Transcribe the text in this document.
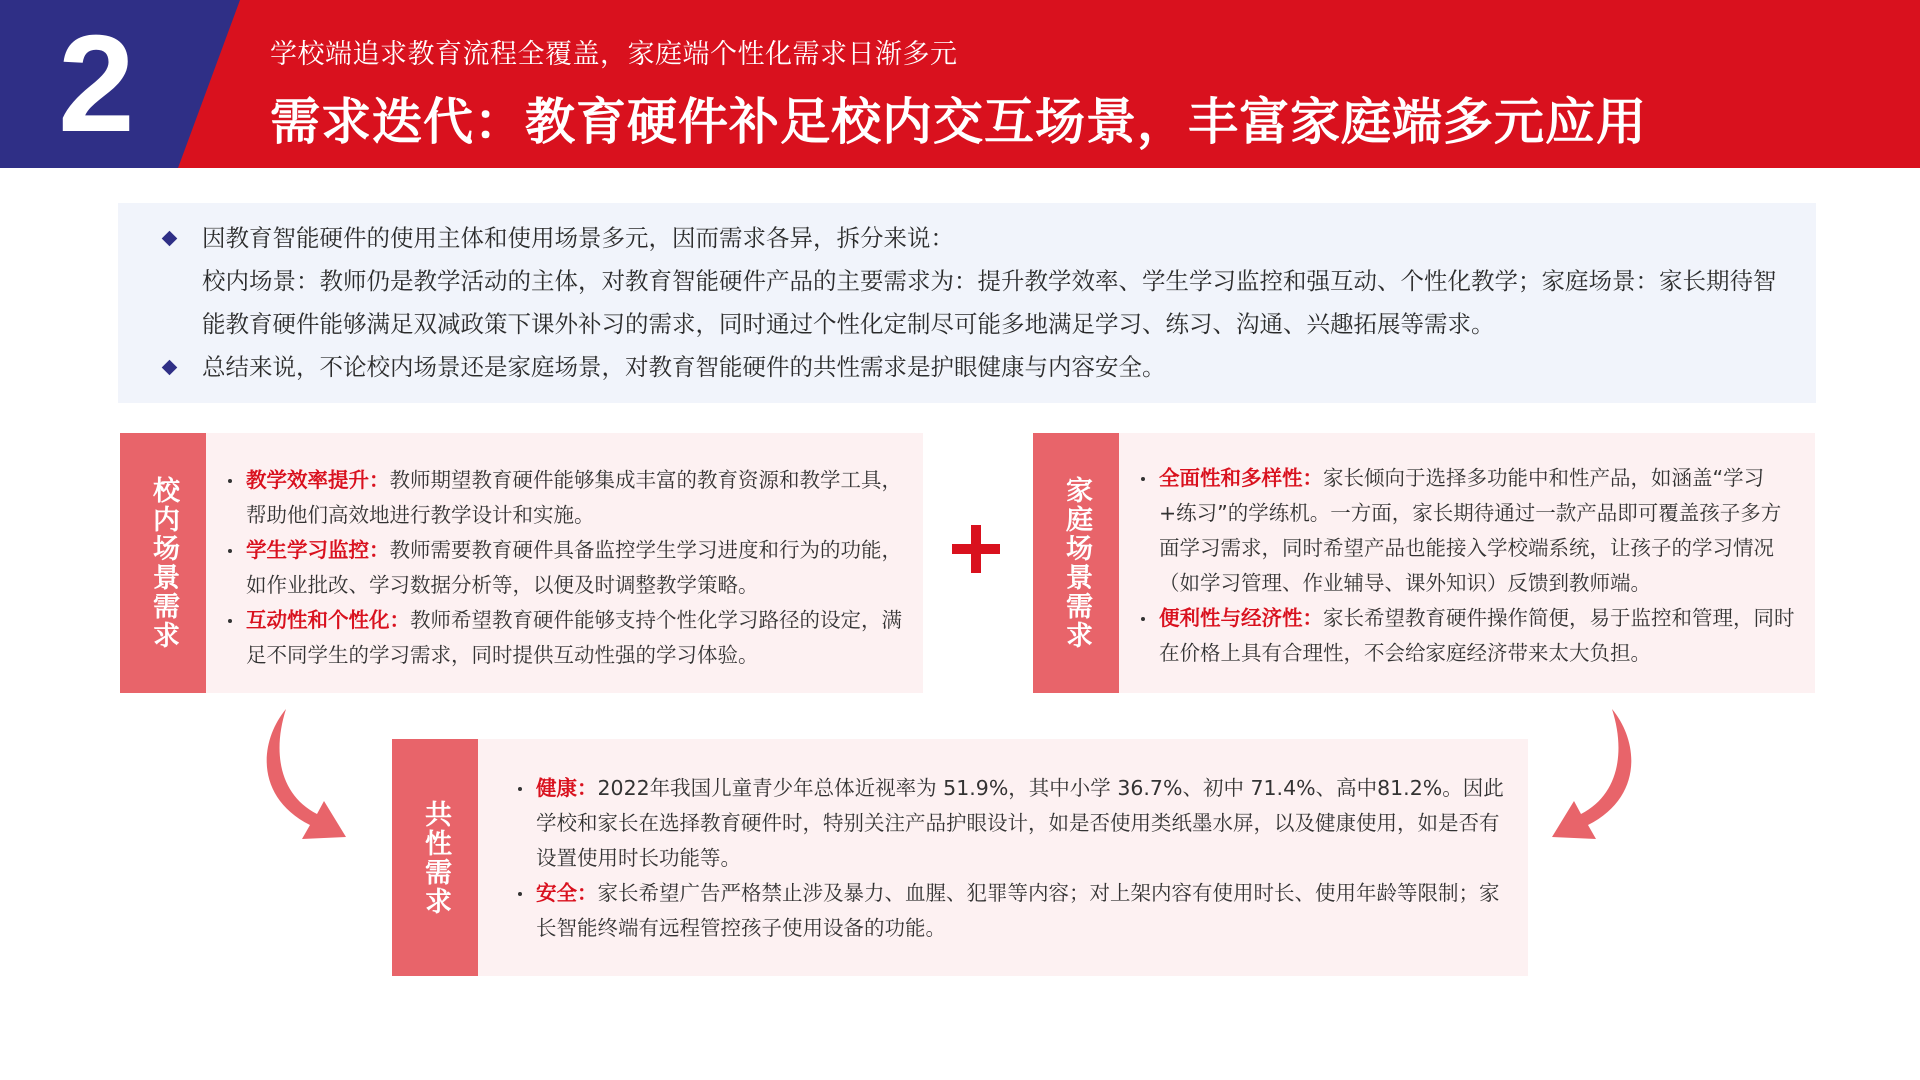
2	学校端追求教育流程全覆盖，家庭端个性化需求日渐多元
需求迭代：教育硬件补足校内交互场景，丰富家庭端多元应用
因教育智能硬件的使用主体和使用场景多元，因而需求各异，拆分来说：
校内场景：教师仍是教学活动的主体，对教育智能硬件产品的主要需求为：提升教学效率、学生学习监控和强互动、个性化教学；家庭场景：家长期待智能教育硬件能够满足双减政策下课外补习的需求，同时通过个性化定制尽可能多地满足学习、练习、沟通、兴趣拓展等需求。
总结来说，不论校内场景还是家庭场景，对教育智能硬件的共性需求是护眼健康与内容安全。
校内场景需求	教学效率提升：教师期望教育硬件能够集成丰富的教育资源和教学工具，帮助他们高效地进行教学设计和实施。
学生学习监控：教师需要教育硬件具备监控学生学习进度和行为的功能，如作业批改、学习数据分析等，以便及时调整教学策略。
互动性和个性化：教师希望教育硬件能够支持个性化学习路径的设定，满足不同学生的学习需求，同时提供互动性强的学习体验。
家庭场景需求	全面性和多样性：家长倾向于选择多功能中和性产品，如涵盖“学习+练习”的学练机。一方面，家长期待通过一款产品即可覆盖孩子多方面学习需求，同时希望产品也能接入学校端系统，让孩子的学习情况（如学习管理、作业辅导、课外知识）反馈到教师端。
便利性与经济性：家长希望教育硬件操作简便，易于监控和管理，同时在价格上具有合理性，不会给家庭经济带来太大负担。
共性需求
健康：2022年我国儿童青少年总体近视率为 51.9%，其中小学 36.7%、初中 71.4%、高中81.2%。因此学校和家长在选择教育硬件时，特别关注产品护眼设计，如是否使用类纸墨水屏，以及健康使用，如是否有设置使用时长功能等。
安全：家长希望广告严格禁止涉及暴力、血腥、犯罪等内容；对上架内容有使用时长、使用年龄等限制；家长智能终端有远程管控孩子使用设备的功能。
